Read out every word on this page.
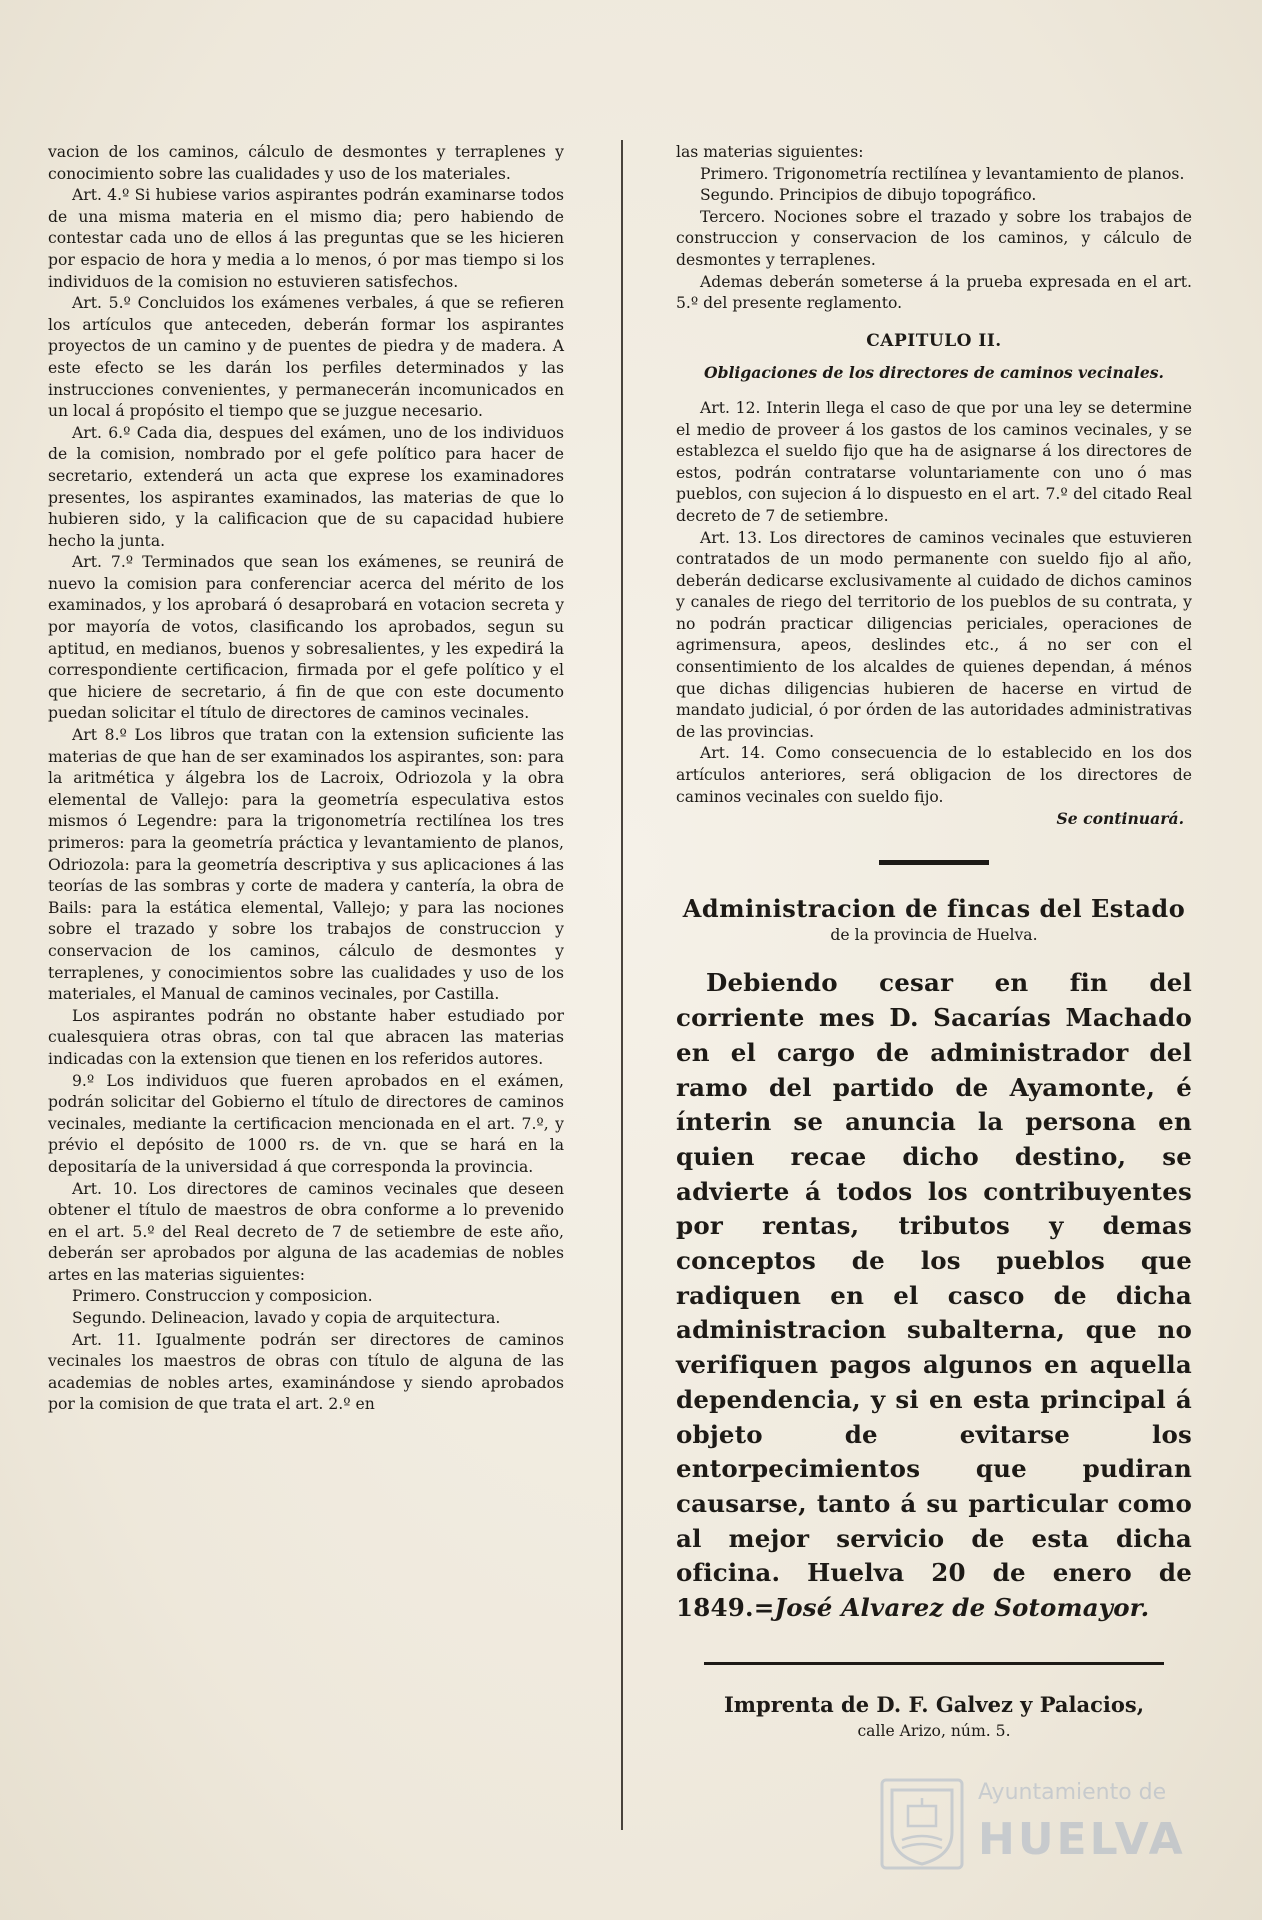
vacion de los caminos, cálculo de desmontes y terraplenes y conocimiento sobre las cualidades y uso de los materiales.

Art. 4.º Si hubiese varios aspirantes podrán examinarse todos de una misma materia en el mismo dia; pero habiendo de contestar cada uno de ellos á las preguntas que se les hicieren por espacio de hora y media a lo menos, ó por mas tiempo si los individuos de la comision no estuvieren satisfechos.

Art. 5.º Concluidos los exámenes verbales, á que se refieren los artículos que anteceden, deberán formar los aspirantes proyectos de un camino y de puentes de piedra y de madera. A este efecto se les darán los perfiles determinados y las instrucciones convenientes, y permanecerán incomunicados en un local á propósito el tiempo que se juzgue necesario.

Art. 6.º Cada dia, despues del exámen, uno de los individuos de la comision, nombrado por el gefe político para hacer de secretario, extenderá un acta que exprese los examinadores presentes, los aspirantes examinados, las materias de que lo hubieren sido, y la calificacion que de su capacidad hubiere hecho la junta.

Art. 7.º Terminados que sean los exámenes, se reunirá de nuevo la comision para conferenciar acerca del mérito de los examinados, y los aprobará ó desaprobará en votacion secreta y por mayoría de votos, clasificando los aprobados, segun su aptitud, en medianos, buenos y sobresalientes, y les expedirá la correspondiente certificacion, firmada por el gefe político y el que hiciere de secretario, á fin de que con este documento puedan solicitar el título de directores de caminos vecinales.

Art 8.º Los libros que tratan con la extension suficiente las materias de que han de ser examinados los aspirantes, son: para la aritmética y álgebra los de Lacroix, Odriozola y la obra elemental de Vallejo: para la geometría especulativa estos mismos ó Legendre: para la trigonometría rectilínea los tres primeros: para la geometría práctica y levantamiento de planos, Odriozola: para la geometría descriptiva y sus aplicaciones á las teorías de las sombras y corte de madera y cantería, la obra de Bails: para la estática elemental, Vallejo; y para las nociones sobre el trazado y sobre los trabajos de construccion y conservacion de los caminos, cálculo de desmontes y terraplenes, y conocimientos sobre las cualidades y uso de los materiales, el Manual de caminos vecinales, por Castilla.

Los aspirantes podrán no obstante haber estudiado por cualesquiera otras obras, con tal que abracen las materias indicadas con la extension que tienen en los referidos autores.

9.º Los individuos que fueren aprobados en el exámen, podrán solicitar del Gobierno el título de directores de caminos vecinales, mediante la certificacion mencionada en el art. 7.º, y prévio el depósito de 1000 rs. de vn. que se hará en la depositaría de la universidad á que corresponda la provincia.

Art. 10. Los directores de caminos vecinales que deseen obtener el título de maestros de obra conforme a lo prevenido en el art. 5.º del Real decreto de 7 de setiembre de este año, deberán ser aprobados por alguna de las academias de nobles artes en las materias siguientes:

Primero. Construccion y composicion.

Segundo. Delineacion, lavado y copia de arquitectura.

Art. 11. Igualmente podrán ser directores de caminos vecinales los maestros de obras con título de alguna de las academias de nobles artes, examinándose y siendo aprobados por la comision de que trata el art. 2.º en

las materias siguientes:

Primero. Trigonometría rectilínea y levantamiento de planos.

Segundo. Principios de dibujo topográfico.

Tercero. Nociones sobre el trazado y sobre los trabajos de construccion y conservacion de los caminos, y cálculo de desmontes y terraplenes.

Ademas deberán someterse á la prueba expresada en el art. 5.º del presente reglamento.

CAPITULO II.

Obligaciones de los directores de caminos vecinales.

Art. 12. Interin llega el caso de que por una ley se determine el medio de proveer á los gastos de los caminos vecinales, y se establezca el sueldo fijo que ha de asignarse á los directores de estos, podrán contratarse voluntariamente con uno ó mas pueblos, con sujecion á lo dispuesto en el art. 7.º del citado Real decreto de 7 de setiembre.

Art. 13. Los directores de caminos vecinales que estuvieren contratados de un modo permanente con sueldo fijo al año, deberán dedicarse exclusivamente al cuidado de dichos caminos y canales de riego del territorio de los pueblos de su contrata, y no podrán practicar diligencias periciales, operaciones de agrimensura, apeos, deslindes etc., á no ser con el consentimiento de los alcaldes de quienes dependan, á ménos que dichas diligencias hubieren de hacerse en virtud de mandato judicial, ó por órden de las autoridades administrativas de las provincias.

Art. 14. Como consecuencia de lo establecido en los dos artículos anteriores, será obligacion de los directores de caminos vecinales con sueldo fijo.

Se continuará.

Administracion de fincas del Estado

de la provincia de Huelva.

Debiendo cesar en fin del corriente mes D. Sacarías Machado en el cargo de administrador del ramo del partido de Ayamonte, é ínterin se anuncia la persona en quien recae dicho destino, se advierte á todos los contribuyentes por rentas, tributos y demas conceptos de los pueblos que radiquen en el casco de dicha administracion subalterna, que no verifiquen pagos algunos en aquella dependencia, y si en esta principal á objeto de evitarse los entorpecimientos que pudiran causarse, tanto á su particular como al mejor servicio de esta dicha oficina. Huelva 20 de enero de 1849.=José Alvarez de Sotomayor.

Imprenta de D. F. Galvez y Palacios,

calle Arizo, núm. 5.

Ayuntamiento de
HUELVA
